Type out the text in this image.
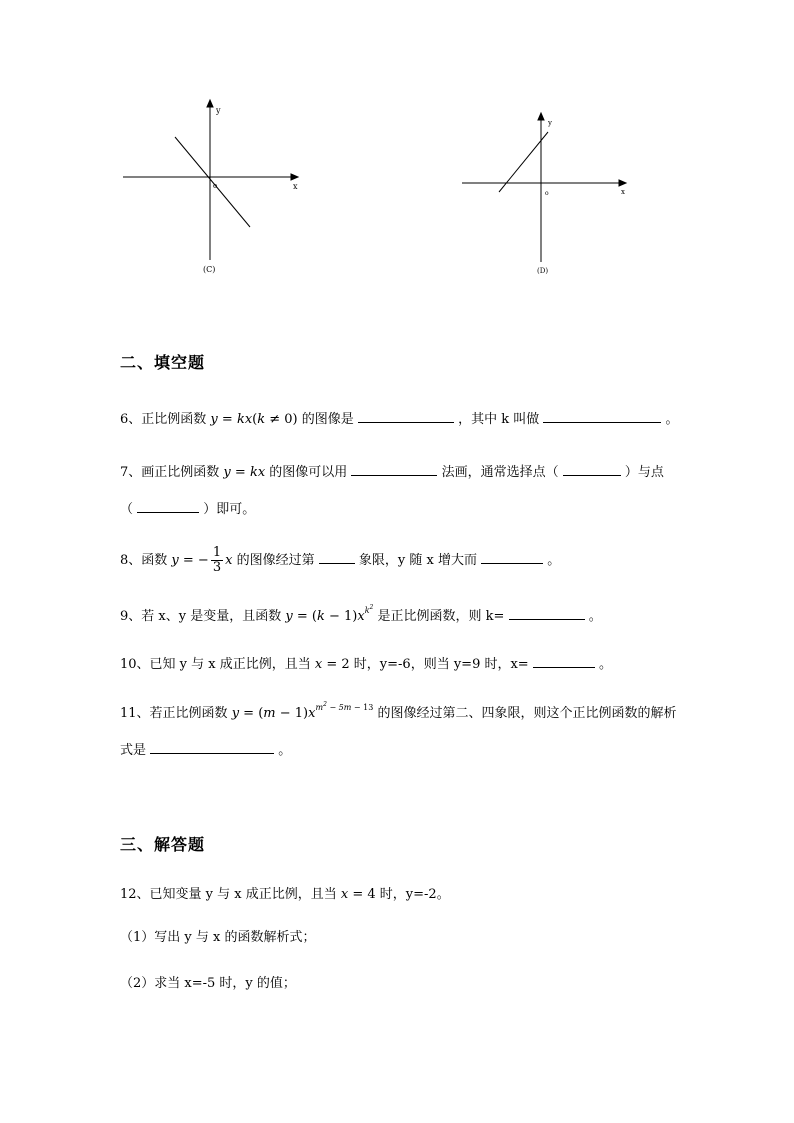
y
x
o
(C)
y
x
o
(D)
二、填空题
6、正比例函数 y = kx(k ≠ 0) 的图像是	，其中 k 叫做	。
7、画正比例函数 y = kx 的图像可以用	法画，通常选择点（	）与点
（	）即可。
8、函数 y = − $\frac{1}{3}$ x 的图像经过第	象限，y 随 x 增大而	。
9、若 x、y 是变量，且函数 $y = (k - 1)x^{k^2}$ 是正比例函数，则 k=	。
10、已知 y 与 x 成正比例，且当 x = 2 时，y=-6，则当 y=9 时，x=	。
11、若正比例函数 $y = (m - 1)x^{m^2 - 5m - 13}$ 的图像经过第二、四象限，则这个正比例函数的解析
式是	。
三、解答题
12、已知变量 y 与 x 成正比例，且当 x = 4 时，y=-2。
（1）写出 y 与 x 的函数解析式；
（2）求当 x=-5 时，y 的值；
